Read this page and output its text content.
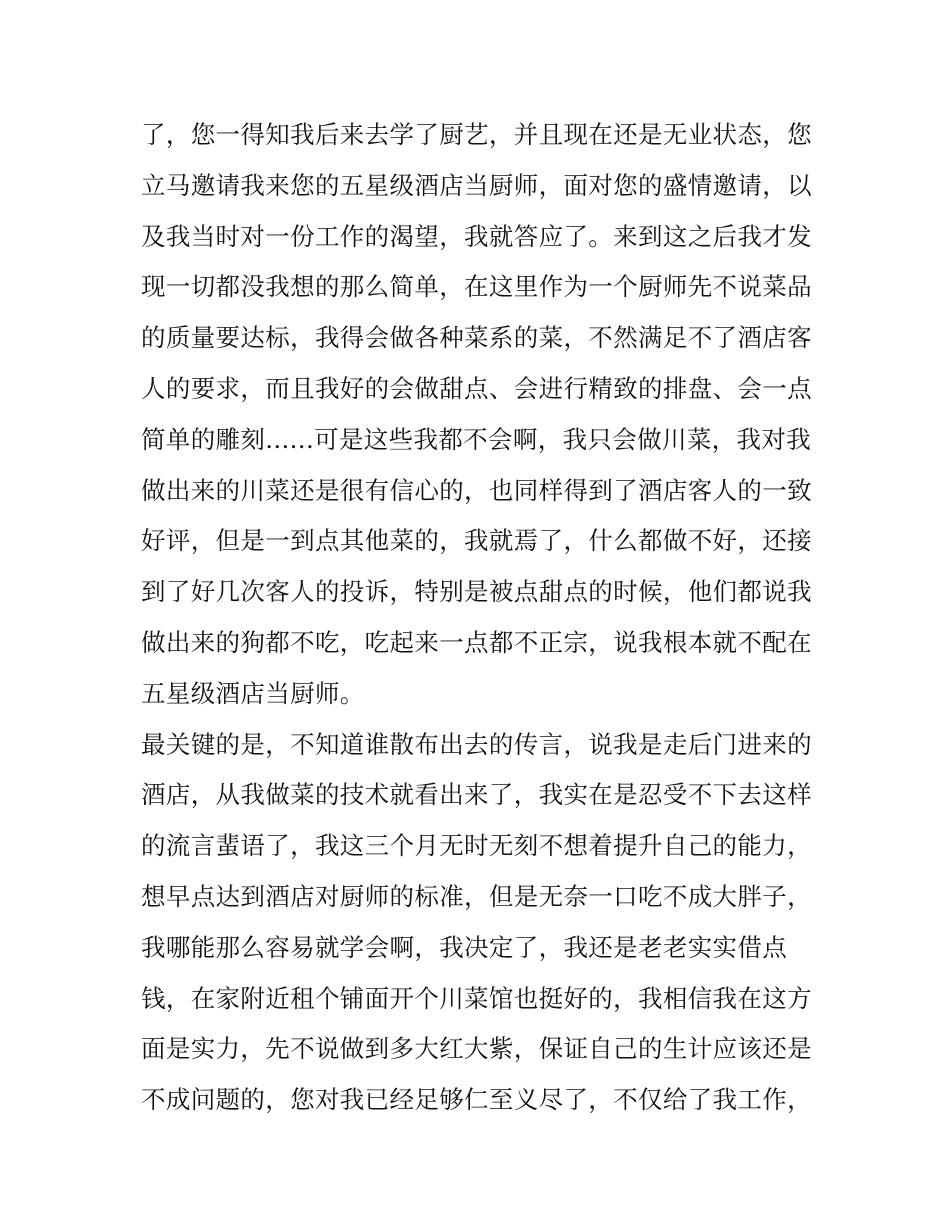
了，您一得知我后来去学了厨艺，并且现在还是无业状态，您
立马邀请我来您的五星级酒店当厨师，面对您的盛情邀请，以
及我当时对一份工作的渴望，我就答应了。来到这之后我才发
现一切都没我想的那么简单，在这里作为一个厨师先不说菜品
的质量要达标，我得会做各种菜系的菜，不然满足不了酒店客
人的要求，而且我好的会做甜点、会进行精致的排盘、会一点
简单的雕刻......可是这些我都不会啊，我只会做川菜，我对我
做出来的川菜还是很有信心的，也同样得到了酒店客人的一致
好评，但是一到点其他菜的，我就焉了，什么都做不好，还接
到了好几次客人的投诉，特别是被点甜点的时候，他们都说我
做出来的狗都不吃，吃起来一点都不正宗，说我根本就不配在
五星级酒店当厨师。
最关键的是，不知道谁散布出去的传言，说我是走后门进来的
酒店，从我做菜的技术就看出来了，我实在是忍受不下去这样
的流言蜚语了，我这三个月无时无刻不想着提升自己的能力，
想早点达到酒店对厨师的标准，但是无奈一口吃不成大胖子，
我哪能那么容易就学会啊，我决定了，我还是老老实实借点
钱，在家附近租个铺面开个川菜馆也挺好的，我相信我在这方
面是实力，先不说做到多大红大紫，保证自己的生计应该还是
不成问题的，您对我已经足够仁至义尽了，不仅给了我工作，
